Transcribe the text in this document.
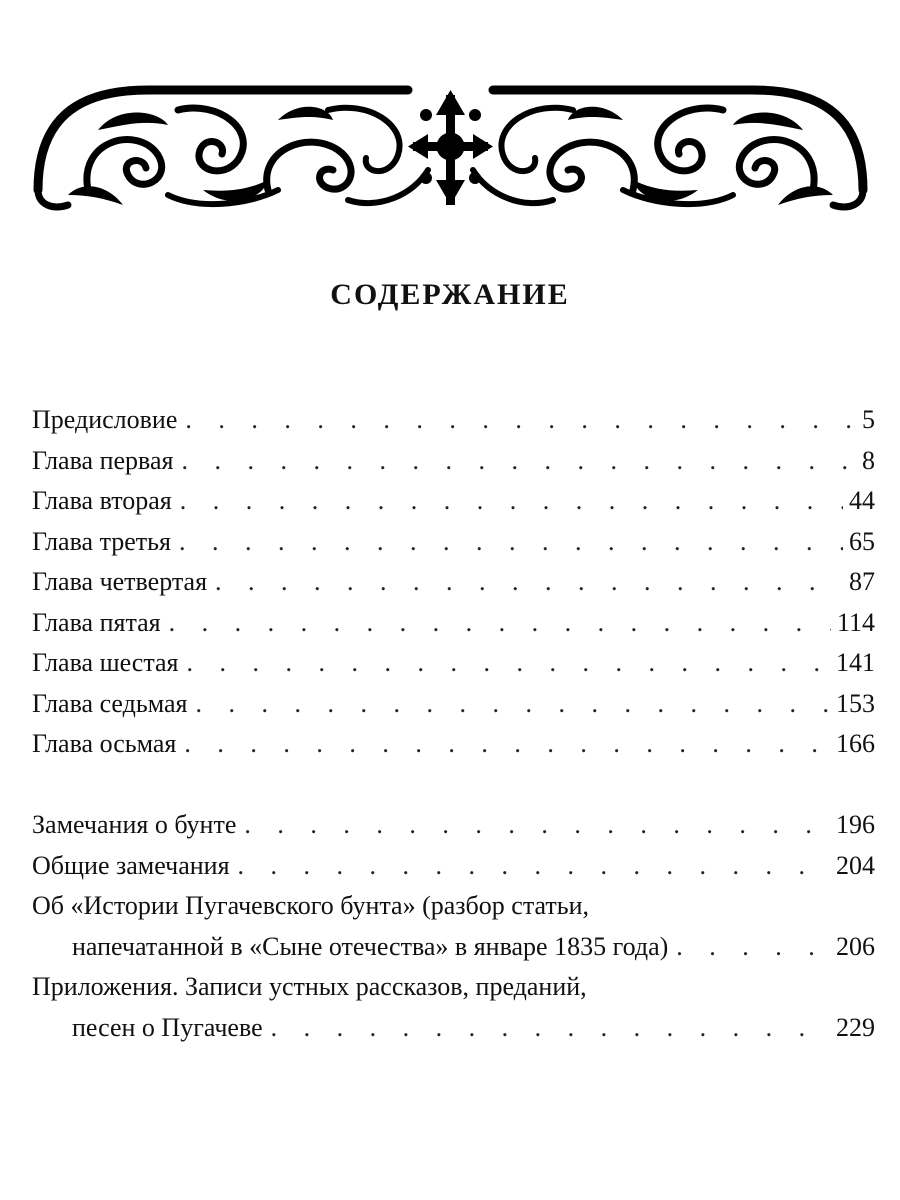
СОДЕРЖАНИЕ
Предисловие . . .	5
Глава первая . . .	8
Глава вторая . . .	44
Глава третья . . .	65
Глава четвертая . . .	87
Глава пятая . . .	114
Глава шестая . . .	141
Глава седьмая . . .	153
Глава осьмая . . .	166
Замечания о бунте . . .	196
Общие замечания . . .	204
Об «Истории Пугачевского бунта» (разбор статьи,
напечатанной в «Сыне отечества» в январе 1835 года) . . .	206
Приложения. Записи устных рассказов, преданий,
песен о Пугачеве . . .	229
